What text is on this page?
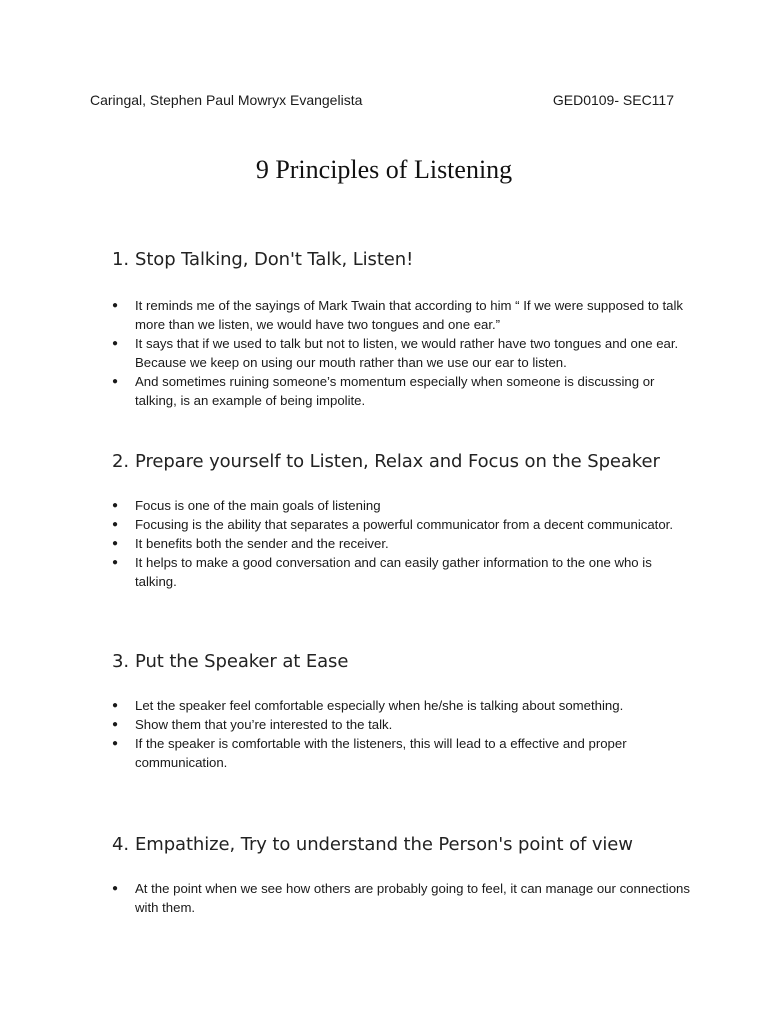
Caringal, Stephen Paul Mowryx Evangelista	GED0109- SEC117
9 Principles of Listening
1. Stop Talking, Don't Talk, Listen!
● It reminds me of the sayings of Mark Twain that according to him “ If we were supposed to talk more than we listen, we would have two tongues and one ear.”
● It says that if we used to talk but not to listen, we would rather have two tongues and one ear. Because we keep on using our mouth rather than we use our ear to listen.
● And sometimes ruining someone’s momentum especially when someone is discussing or talking, is an example of being impolite.
2. Prepare yourself to Listen, Relax and Focus on the Speaker
● Focus is one of the main goals of listening
● Focusing is the ability that separates a powerful communicator from a decent communicator.
● It benefits both the sender and the receiver.
● It helps to make a good conversation and can easily gather information to the one who is talking.
3. Put the Speaker at Ease
● Let the speaker feel comfortable especially when he/she is talking about something.
● Show them that you’re interested to the talk.
● If the speaker is comfortable with the listeners, this will lead to a effective and proper communication.
4. Empathize, Try to understand the Person's point of view
● At the point when we see how others are probably going to feel, it can manage our connections with them.
